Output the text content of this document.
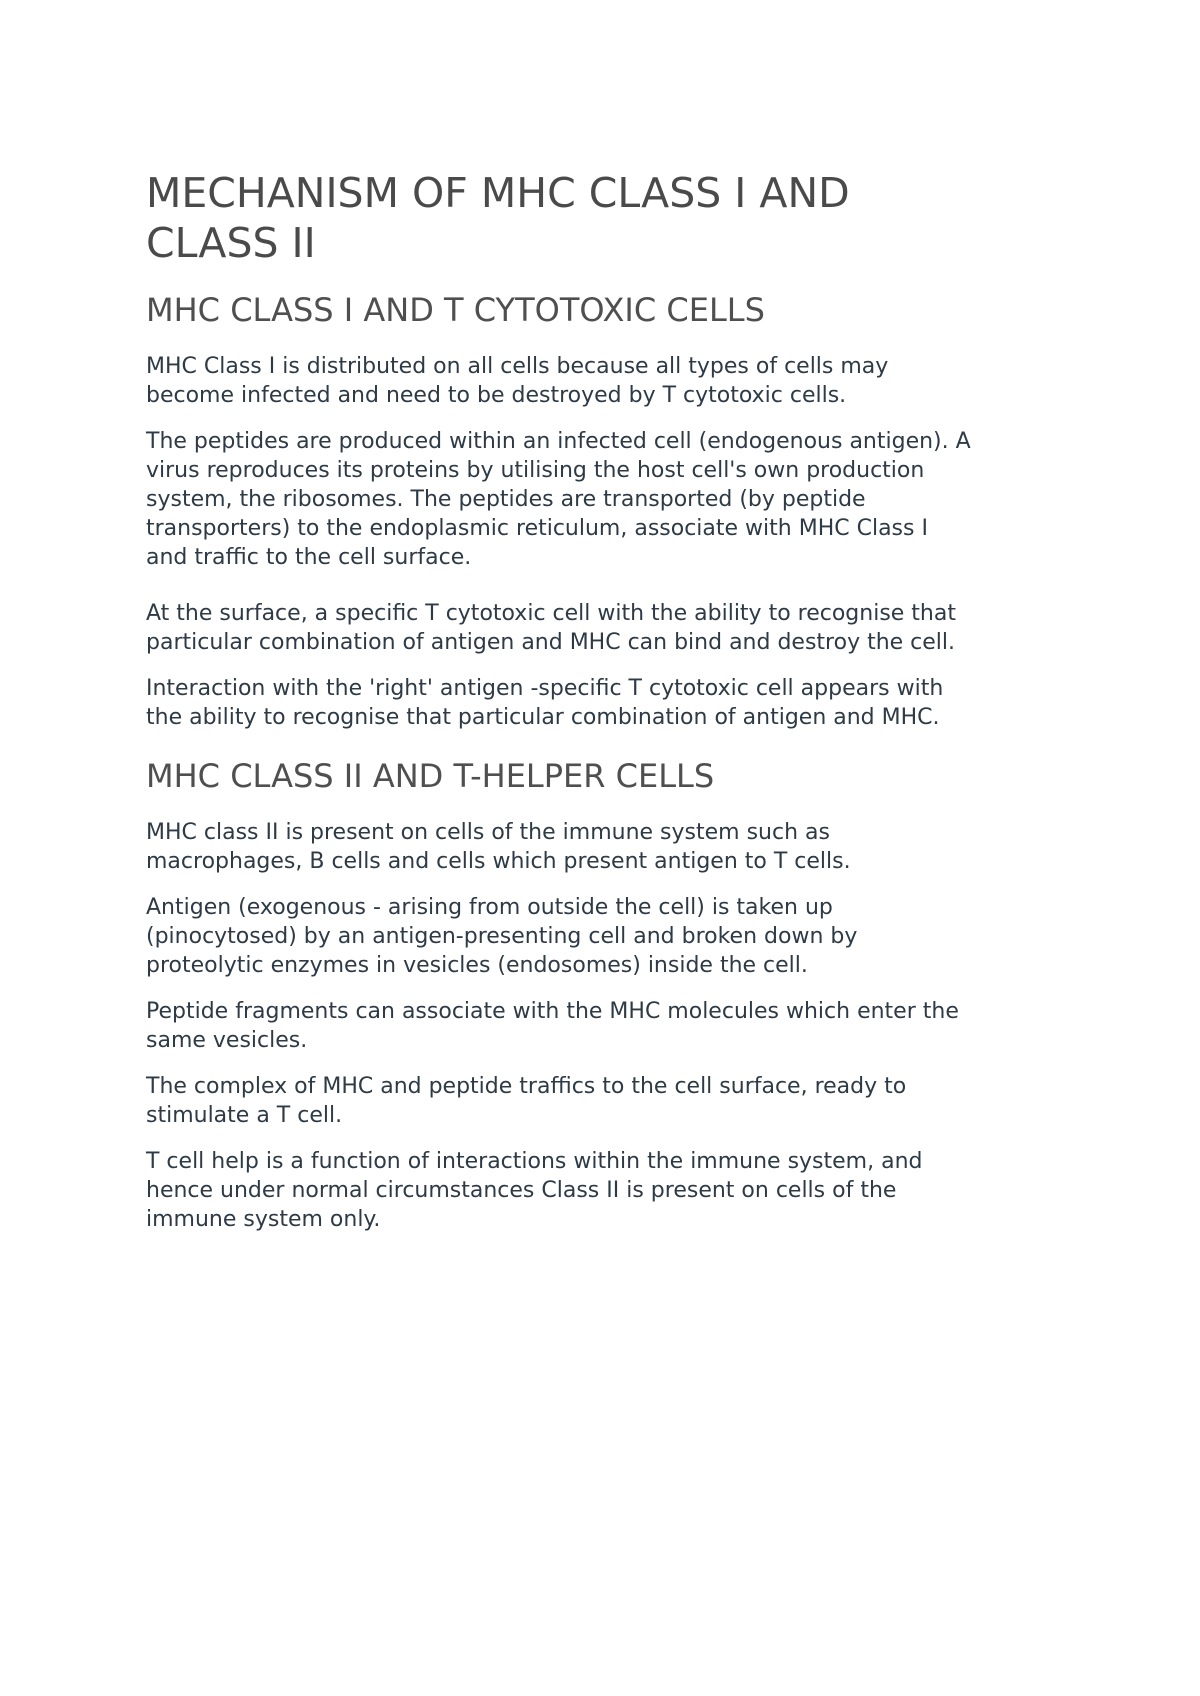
MECHANISM OF MHC CLASS I AND
CLASS II
MHC CLASS I AND T CYTOTOXIC CELLS

MHC Class I is distributed on all cells because all types of cells may
become infected and need to be destroyed by T cytotoxic cells.

The peptides are produced within an infected cell (endogenous antigen). A
virus reproduces its proteins by utilising the host cell's own production
system, the ribosomes. The peptides are transported (by peptide
transporters) to the endoplasmic reticulum, associate with MHC Class I
and traffic to the cell surface.

At the surface, a specific T cytotoxic cell with the ability to recognise that
particular combination of antigen and MHC can bind and destroy the cell.

Interaction with the 'right' antigen -specific T cytotoxic cell appears with
the ability to recognise that particular combination of antigen and MHC.

MHC CLASS II AND T-HELPER CELLS

MHC class II is present on cells of the immune system such as
macrophages, B cells and cells which present antigen to T cells.

Antigen (exogenous - arising from outside the cell) is taken up
(pinocytosed) by an antigen-presenting cell and broken down by
proteolytic enzymes in vesicles (endosomes) inside the cell.

Peptide fragments can associate with the MHC molecules which enter the
same vesicles.

The complex of MHC and peptide traffics to the cell surface, ready to
stimulate a T cell.

T cell help is a function of interactions within the immune system, and
hence under normal circumstances Class II is present on cells of the
immune system only.
